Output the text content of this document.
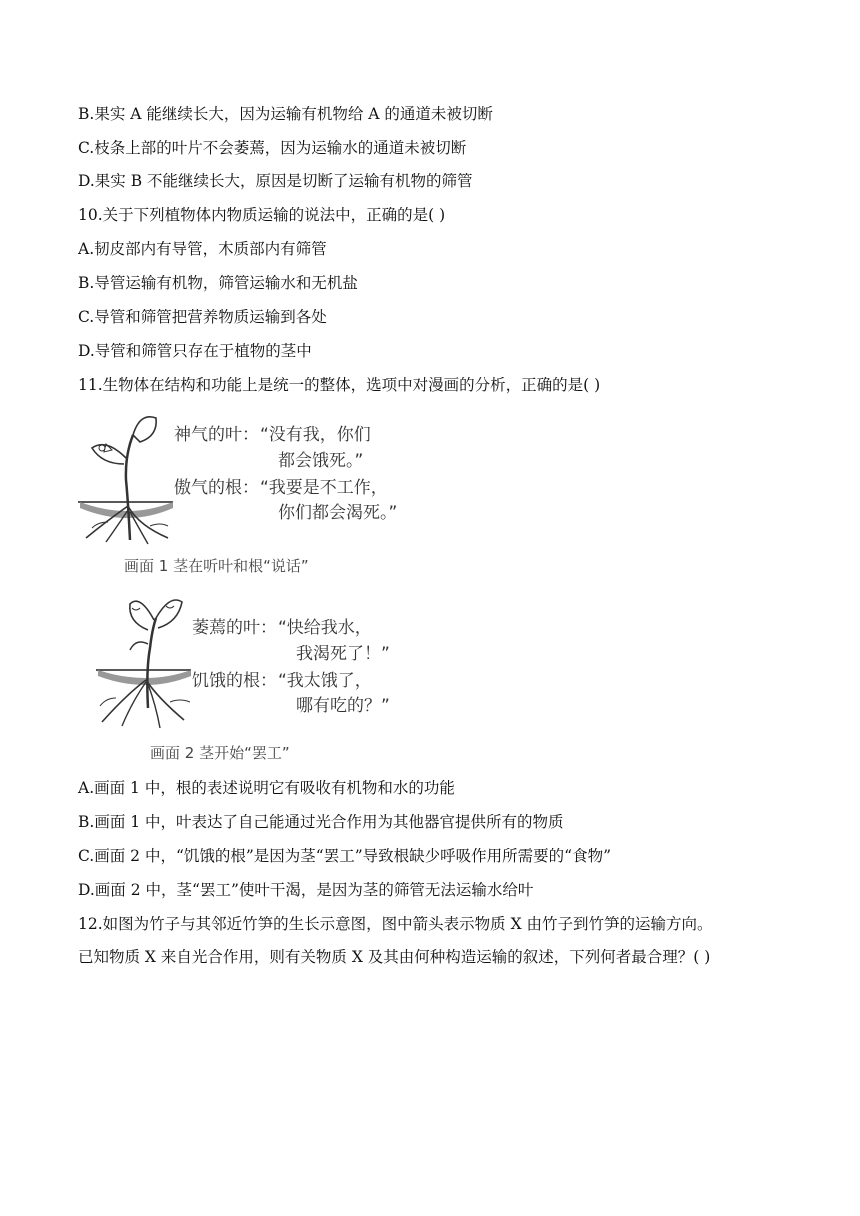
B.果实 A 能继续长大，因为运输有机物给 A 的通道未被切断
C.枝条上部的叶片不会萎蔫，因为运输水的通道未被切断
D.果实 B 不能继续长大，原因是切断了运输有机物的筛管
10.关于下列植物体内物质运输的说法中，正确的是( )
A.韧皮部内有导管，木质部内有筛管
B.导管运输有机物，筛管运输水和无机盐
C.导管和筛管把营养物质运输到各处
D.导管和筛管只存在于植物的茎中
11.生物体在结构和功能上是统一的整体，选项中对漫画的分析，正确的是( )
神气的叶： “没有我，你们
都会饿死。”
傲气的根： “我要是不工作，
你们都会渴死。”
画面 1 茎在听叶和根“说话”
萎蔫的叶： “快给我水，
我渴死了！”
饥饿的根： “我太饿了，
哪有吃的？”
画面 2 茎开始“罢工”
A.画面 1 中，根的表述说明它有吸收有机物和水的功能
B.画面 1 中，叶表达了自己能通过光合作用为其他器官提供所有的物质
C.画面 2 中，“饥饿的根”是因为茎“罢工”导致根缺少呼吸作用所需要的“食物”
D.画面 2 中，茎“罢工”使叶干渴，是因为茎的筛管无法运输水给叶
12.如图为竹子与其邻近竹笋的生长示意图，图中箭头表示物质 X 由竹子到竹笋的运输方向。
已知物质 X 来自光合作用，则有关物质 X 及其由何种构造运输的叙述，下列何者最合理？( )
